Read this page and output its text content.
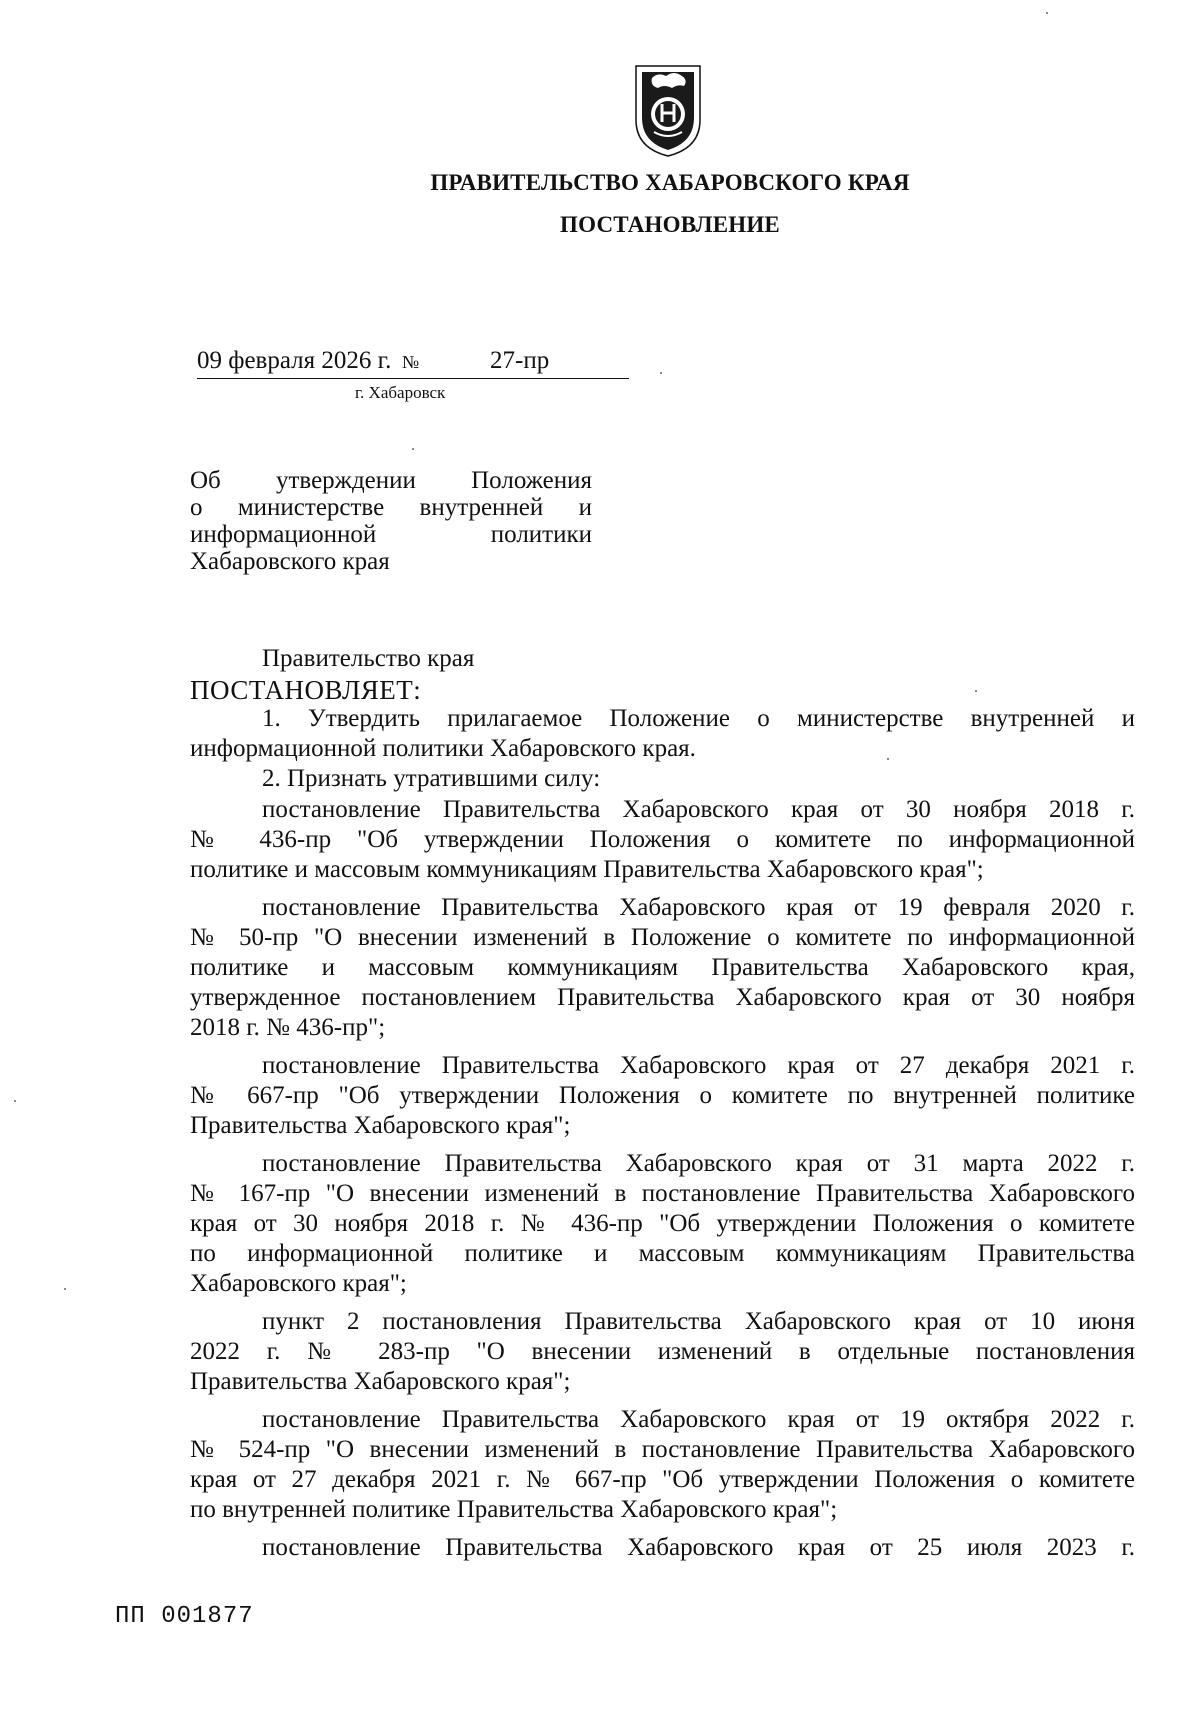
ПРАВИТЕЛЬСТВО ХАБАРОВСКОГО КРАЯ
ПОСТАНОВЛЕНИЕ
09 февраля 2026 г. №	27-пр
г. Хабаровск
Об утверждении Положения
о министерстве внутренней и
информационной политики
Хабаровского края
Правительство края
ПОСТАНОВЛЯЕТ:
1. Утвердить прилагаемое Положение о министерстве внутренней и
информационной политики Хабаровского края.
2. Признать утратившими силу:
постановление Правительства Хабаровского края от 30 ноября 2018 г.
№ 436-пр "Об утверждении Положения о комитете по информационной
политике и массовым коммуникациям Правительства Хабаровского края";
постановление Правительства Хабаровского края от 19 февраля 2020 г.
№ 50-пр "О внесении изменений в Положение о комитете по информационной
политике и массовым коммуникациям Правительства Хабаровского края,
утвержденное постановлением Правительства Хабаровского края от 30 ноября
2018 г. № 436-пр";
постановление Правительства Хабаровского края от 27 декабря 2021 г.
№ 667-пр "Об утверждении Положения о комитете по внутренней политике
Правительства Хабаровского края";
постановление Правительства Хабаровского края от 31 марта 2022 г.
№ 167-пр "О внесении изменений в постановление Правительства Хабаровского
края от 30 ноября 2018 г. № 436-пр "Об утверждении Положения о комитете
по информационной политике и массовым коммуникациям Правительства
Хабаровского края";
пункт 2 постановления Правительства Хабаровского края от 10 июня
2022 г. № 283-пр "О внесении изменений в отдельные постановления
Правительства Хабаровского края";
постановление Правительства Хабаровского края от 19 октября 2022 г.
№ 524-пр "О внесении изменений в постановление Правительства Хабаровского
края от 27 декабря 2021 г. № 667-пр "Об утверждении Положения о комитете
по внутренней политике Правительства Хабаровского края";
постановление Правительства Хабаровского края от 25 июля 2023 г.
ПП 001877
